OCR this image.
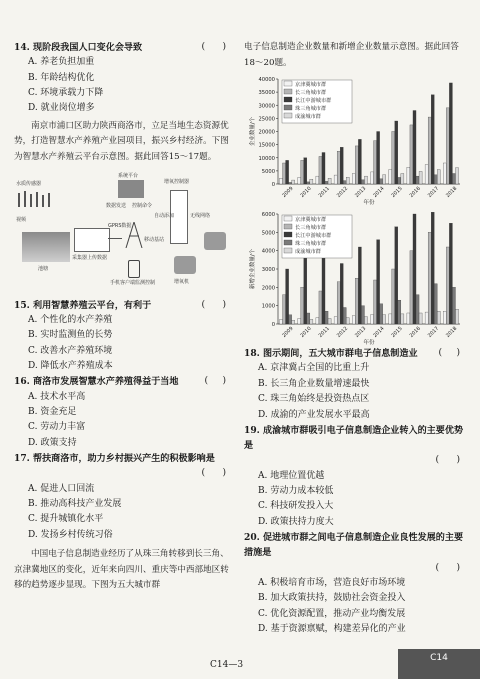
14. 现阶段我国人口变化会导致	(      )
A. 养老负担加重
B. 年龄结构优化
C. 环境承载力下降
D. 就业岗位增多
南京市浦口区助力陕西商洛市，立足当地生态资源优势，打造智慧水产养殖产业园项目，振兴乡村经济。下图为智慧水产养殖云平台示意图。据此回答15～17题。
水质传感器
视频
池塘
采集器上传数据
GPRS数据
系统平台
数据发送 控制命令
移动基站
手机客户端监测控制
增氧控制器
自动添加	无线网络
增氧机
15. 利用智慧养殖云平台，有利于	(      )
A. 个性化的水产养殖
B. 实时监测鱼的长势
C. 改善水产养殖环境
D. 降低水产养殖成本
16. 商洛市发展智慧水产养殖得益于当地	(     )
A. 技术水平高
B. 资金充足
C. 劳动力丰富
D. 政策支持
17. 帮扶商洛市，助力乡村振兴产生的积极影响是
(      )
A. 促进人口回流
B. 推动高科技产业发展
C. 提升城镇化水平
D. 发扬乡村传统习俗
中国电子信息制造业经历了从珠三角转移到长三角、京津冀地区的变化，近年来向四川、重庆等中西部地区转移的趋势逐步显现。下图为五大城市群
电子信息制造企业数量和新增企业数量示意图。据此回答18～20题。
0
5000
10000
15000
20000
25000
30000
35000
40000
2009 2010 2011 2012 2013 2014 2015 2016 2017 2018
企业数量/个
年份
京津冀城市群
长三角城市群
长江中游城市群
珠三角城市群
成渝城市群
0
1000
2000
3000
4000
5000
6000
2009 2010 2011 2012 2013 2014 2015 2016 2017 2018
新增企业数量/个
年份
京津冀城市群
长三角城市群
长江中游城市群
珠三角城市群
成渝城市群
18. 图示期间，五大城市群电子信息制造业 (     )
A. 京津冀占全国的比重上升
B. 长三角企业数量增速最快
C. 珠三角始终是投资热点区
D. 成渝的产业发展水平最高
19. 成渝城市群吸引电子信息制造企业转入的主要优势是
(      )
A. 地理位置优越
B. 劳动力成本较低
C. 科技研发投入大
D. 政策扶持力度大
20. 促进城市群之间电子信息制造企业良性发展的主要措施是
(      )
A. 积极培育市场，营造良好市场环境
B. 加大政策扶持，鼓励社会资金投入
C. 优化资源配置，推动产业均衡发展
D. 基于资源禀赋，构建差异化的产业
C14—3
C14
